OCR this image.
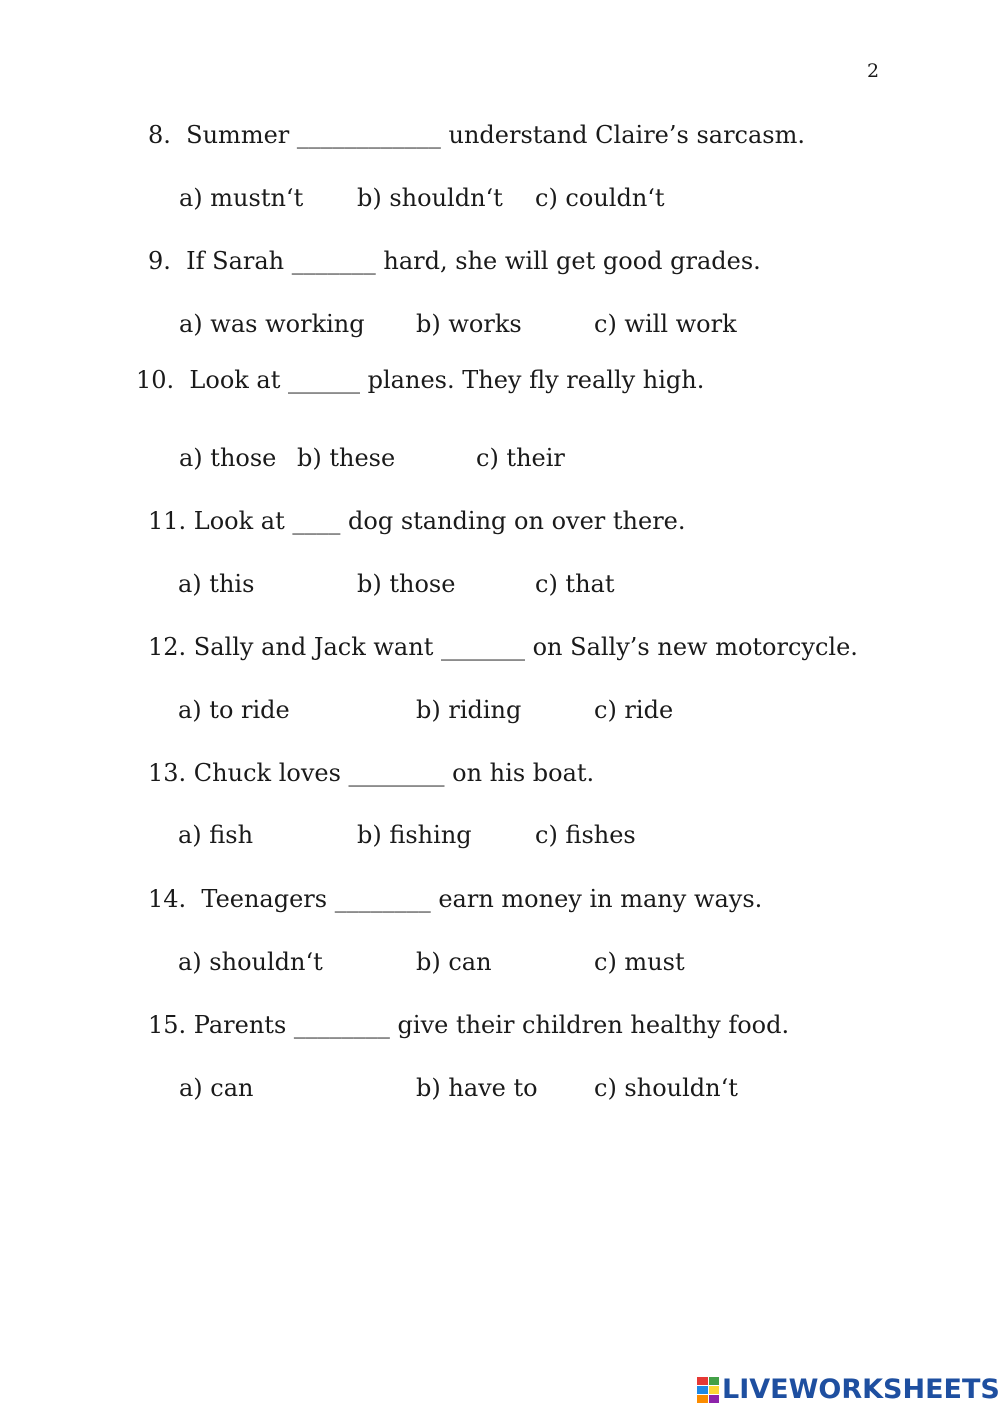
2
8.  Summer ____________ understand Claire’s sarcasm.
a) mustn‘t b) shouldn‘t c) couldn‘t
9.  If Sarah _______ hard, she will get good grades.
a) was working b) works	c) will work
10.  Look at ______ planes. They fly really high.
a) those b) these	c) their
11. Look at ____ dog standing on over there.
a) this	b) those	c) that
12. Sally and Jack want _______ on Sally’s new motorcycle.
a) to ride	b) riding	c) ride
13. Chuck loves ________ on his boat.
a) fish	b) fishing	c) fishes
14.  Teenagers ________ earn money in many ways.
a) shouldn‘t	b) can	c) must
15. Parents ________ give their children healthy food.
a) can	b) have to c) shouldn‘t
LIVEWORKSHEETS
